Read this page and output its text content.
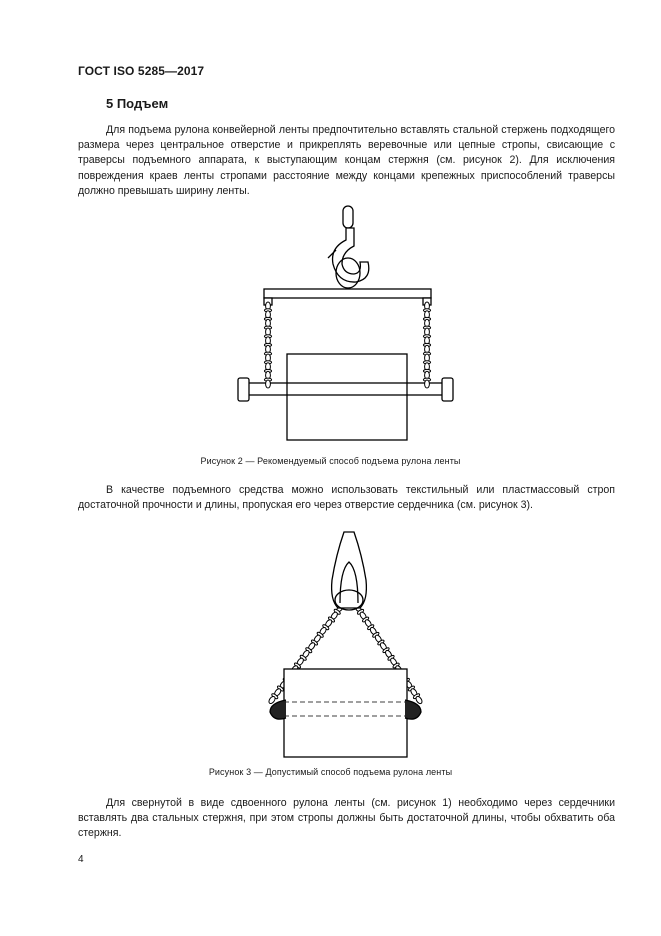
ГОСТ ISO 5285—2017
5 Подъем

Для подъема рулона конвейерной ленты предпочтительно вставлять стальной стержень подходящего размера через центральное отверстие и прикреплять веревочные или цепные стропы, свисающие с траверсы подъемного аппарата, к выступающим концам стержня (см. рисунок 2). Для исключения повреждения краев ленты стропами расстояние между концами крепежных приспособлений траверсы должно превышать ширину ленты.

Рисунок 2 — Рекомендуемый способ подъема рулона ленты

В качестве подъемного средства можно использовать текстильный или пластмассовый строп достаточной прочности и длины, пропуская его через отверстие сердечника (см. рисунок 3).

Рисунок 3 — Допустимый способ подъема рулона ленты

Для свернутой в виде сдвоенного рулона ленты (см. рисунок 1) необходимо через сердечники вставлять два стальных стержня, при этом стропы должны быть достаточной длины, чтобы обхватить оба стержня.

4
